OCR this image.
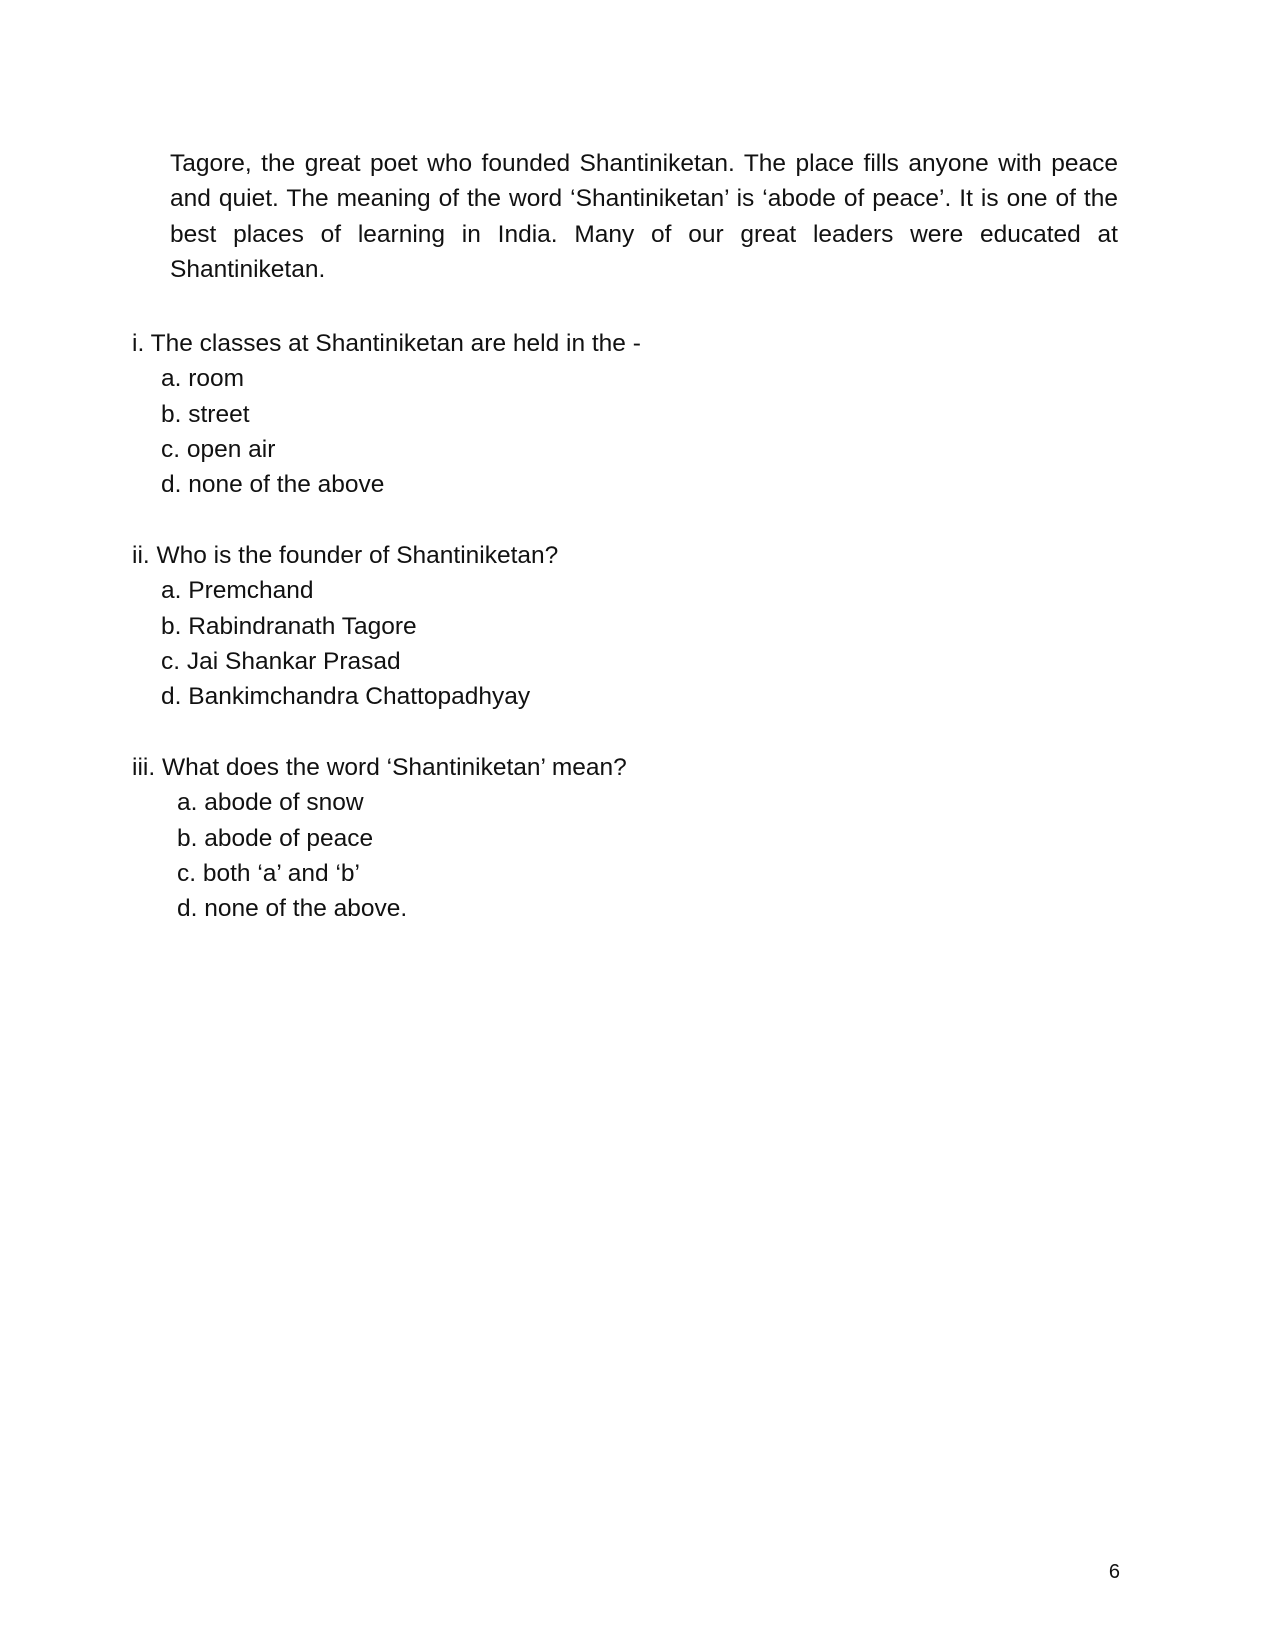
Tagore, the great poet who founded Shantiniketan. The place fills anyone with peace and quiet. The meaning of the word ‘Shantiniketan’ is ‘abode of peace’. It is one of the best places of learning in India. Many of our great leaders were educated at Shantiniketan.

i. The classes at Shantiniketan are held in the -

a. room
b. street
c. open air
d. none of the above

ii. Who is the founder of Shantiniketan?

a. Premchand
b. Rabindranath Tagore
c. Jai Shankar Prasad
d. Bankimchandra Chattopadhyay

iii. What does the word ‘Shantiniketan’ mean?

a. abode of snow
b. abode of peace
c. both ‘a’ and ‘b’
d. none of the above.
6
